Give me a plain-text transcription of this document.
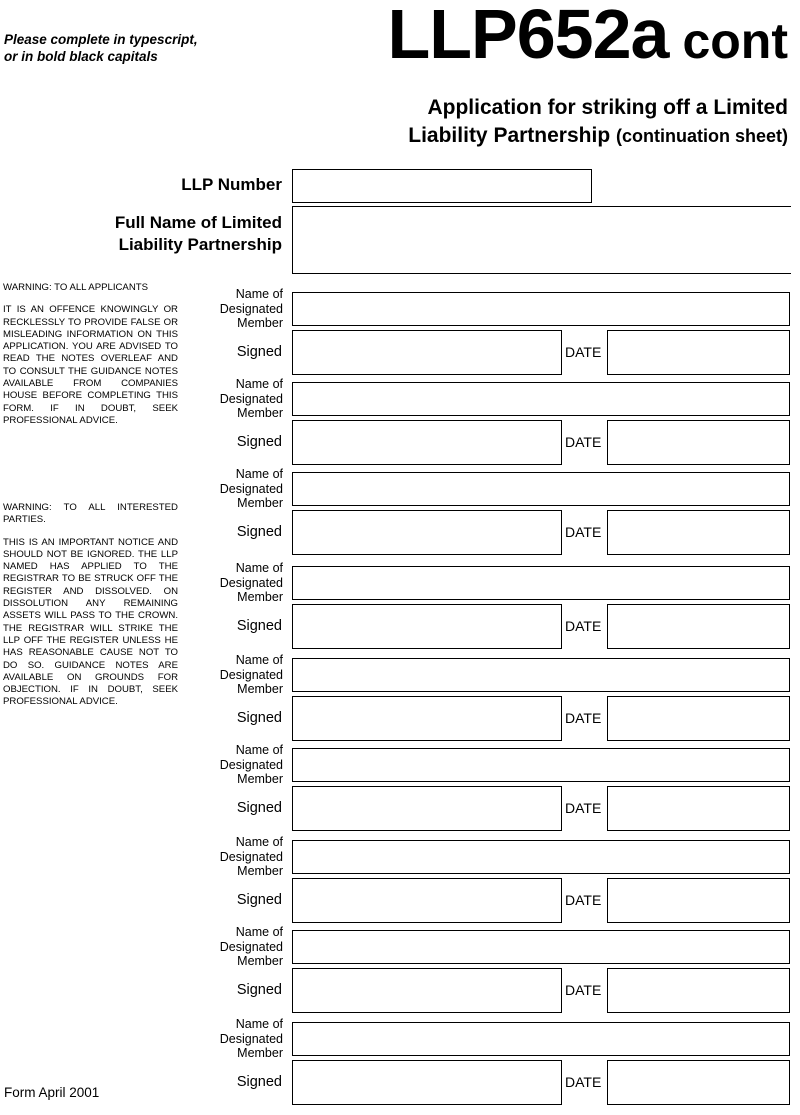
Please complete in typescript,
or in bold black capitals	LLP652a cont
Application for striking off a Limited
Liability Partnership (continuation sheet)
LLP Number
Full Name of Limited
Liability Partnership

WARNING: TO ALL APPLICANTS

IT IS AN OFFENCE KNOWINGLY OR RECKLESSLY TO PROVIDE FALSE OR MISLEADING INFORMATION ON THIS APPLICATION. YOU ARE ADVISED TO READ THE NOTES OVERLEAF AND TO CONSULT THE GUIDANCE NOTES AVAILABLE FROM COMPANIES HOUSE BEFORE COMPLETING THIS FORM. IF IN DOUBT, SEEK PROFESSIONAL ADVICE.

WARNING: TO ALL INTERESTED PARTIES.

THIS IS AN IMPORTANT NOTICE AND SHOULD NOT BE IGNORED. THE LLP NAMED HAS APPLIED TO THE REGISTRAR TO BE STRUCK OFF THE REGISTER AND DISSOLVED. ON DISSOLUTION ANY REMAINING ASSETS WILL PASS TO THE CROWN. THE REGISTRAR WILL STRIKE THE LLP OFF THE REGISTER UNLESS HE HAS REASONABLE CAUSE NOT TO DO SO. GUIDANCE NOTES ARE AVAILABLE ON GROUNDS FOR OBJECTION. IF IN DOUBT, SEEK PROFESSIONAL ADVICE.

Name of
Designated
Member
Signed	DATE
Name of
Designated
Member
Signed	DATE
Name of
Designated
Member
Signed	DATE
Name of
Designated
Member
Signed	DATE
Name of
Designated
Member
Signed	DATE
Name of
Designated
Member
Signed	DATE
Name of
Designated
Member
Signed	DATE
Name of
Designated
Member
Signed	DATE
Name of
Designated
Member
Signed	DATE
Form April 2001
